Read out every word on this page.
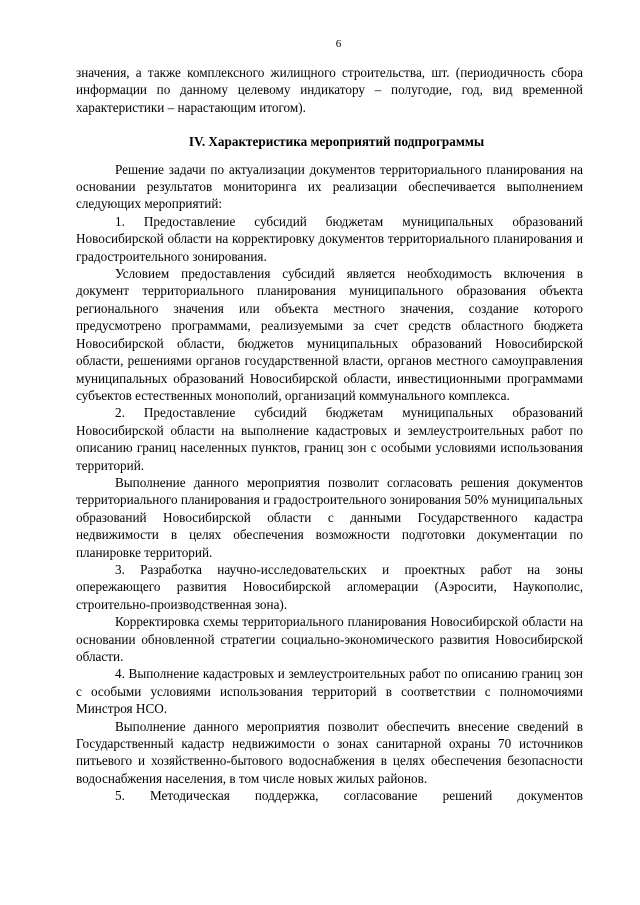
6

значения, а также комплексного жилищного строительства, шт. (периодичность сбора информации по данному целевому индикатору – полугодие, год, вид временной характеристики – нарастающим итогом).

IV. Характеристика мероприятий подпрограммы

Решение задачи по актуализации документов территориального планирования на основании результатов мониторинга их реализации обеспечивается выполнением следующих мероприятий:

1. Предоставление субсидий бюджетам муниципальных образований Новосибирской области на корректировку документов территориального планирования и градостроительного зонирования.

Условием предоставления субсидий является необходимость включения в документ территориального планирования муниципального образования объекта регионального значения или объекта местного значения, создание которого предусмотрено программами, реализуемыми за счет средств областного бюджета Новосибирской области, бюджетов муниципальных образований Новосибирской области, решениями органов государственной власти, органов местного самоуправления муниципальных образований Новосибирской области, инвестиционными программами субъектов естественных монополий, организаций коммунального комплекса.

2. Предоставление субсидий бюджетам муниципальных образований Новосибирской области на выполнение кадастровых и землеустроительных работ по описанию границ населенных пунктов, границ зон с особыми условиями использования территорий.

Выполнение данного мероприятия позволит согласовать решения документов территориального планирования и градостроительного зонирования 50% муниципальных образований Новосибирской области с данными Государственного кадастра недвижимости в целях обеспечения возможности подготовки документации по планировке территорий.

3. Разработка научно-исследовательских и проектных работ на зоны опережающего развития Новосибирской агломерации (Аэросити, Наукополис, строительно-производственная зона).

Корректировка схемы территориального планирования Новосибирской области на основании обновленной стратегии социально-экономического развития Новосибирской области.

4. Выполнение кадастровых и землеустроительных работ по описанию границ зон с особыми условиями использования территорий в соответствии с полномочиями Минстроя НСО.

Выполнение данного мероприятия позволит обеспечить внесение сведений в Государственный кадастр недвижимости о зонах санитарной охраны 70 источников питьевого и хозяйственно-бытового водоснабжения в целях обеспечения безопасности водоснабжения населения, в том числе новых жилых районов.

5. Методическая поддержка, согласование решений документов
